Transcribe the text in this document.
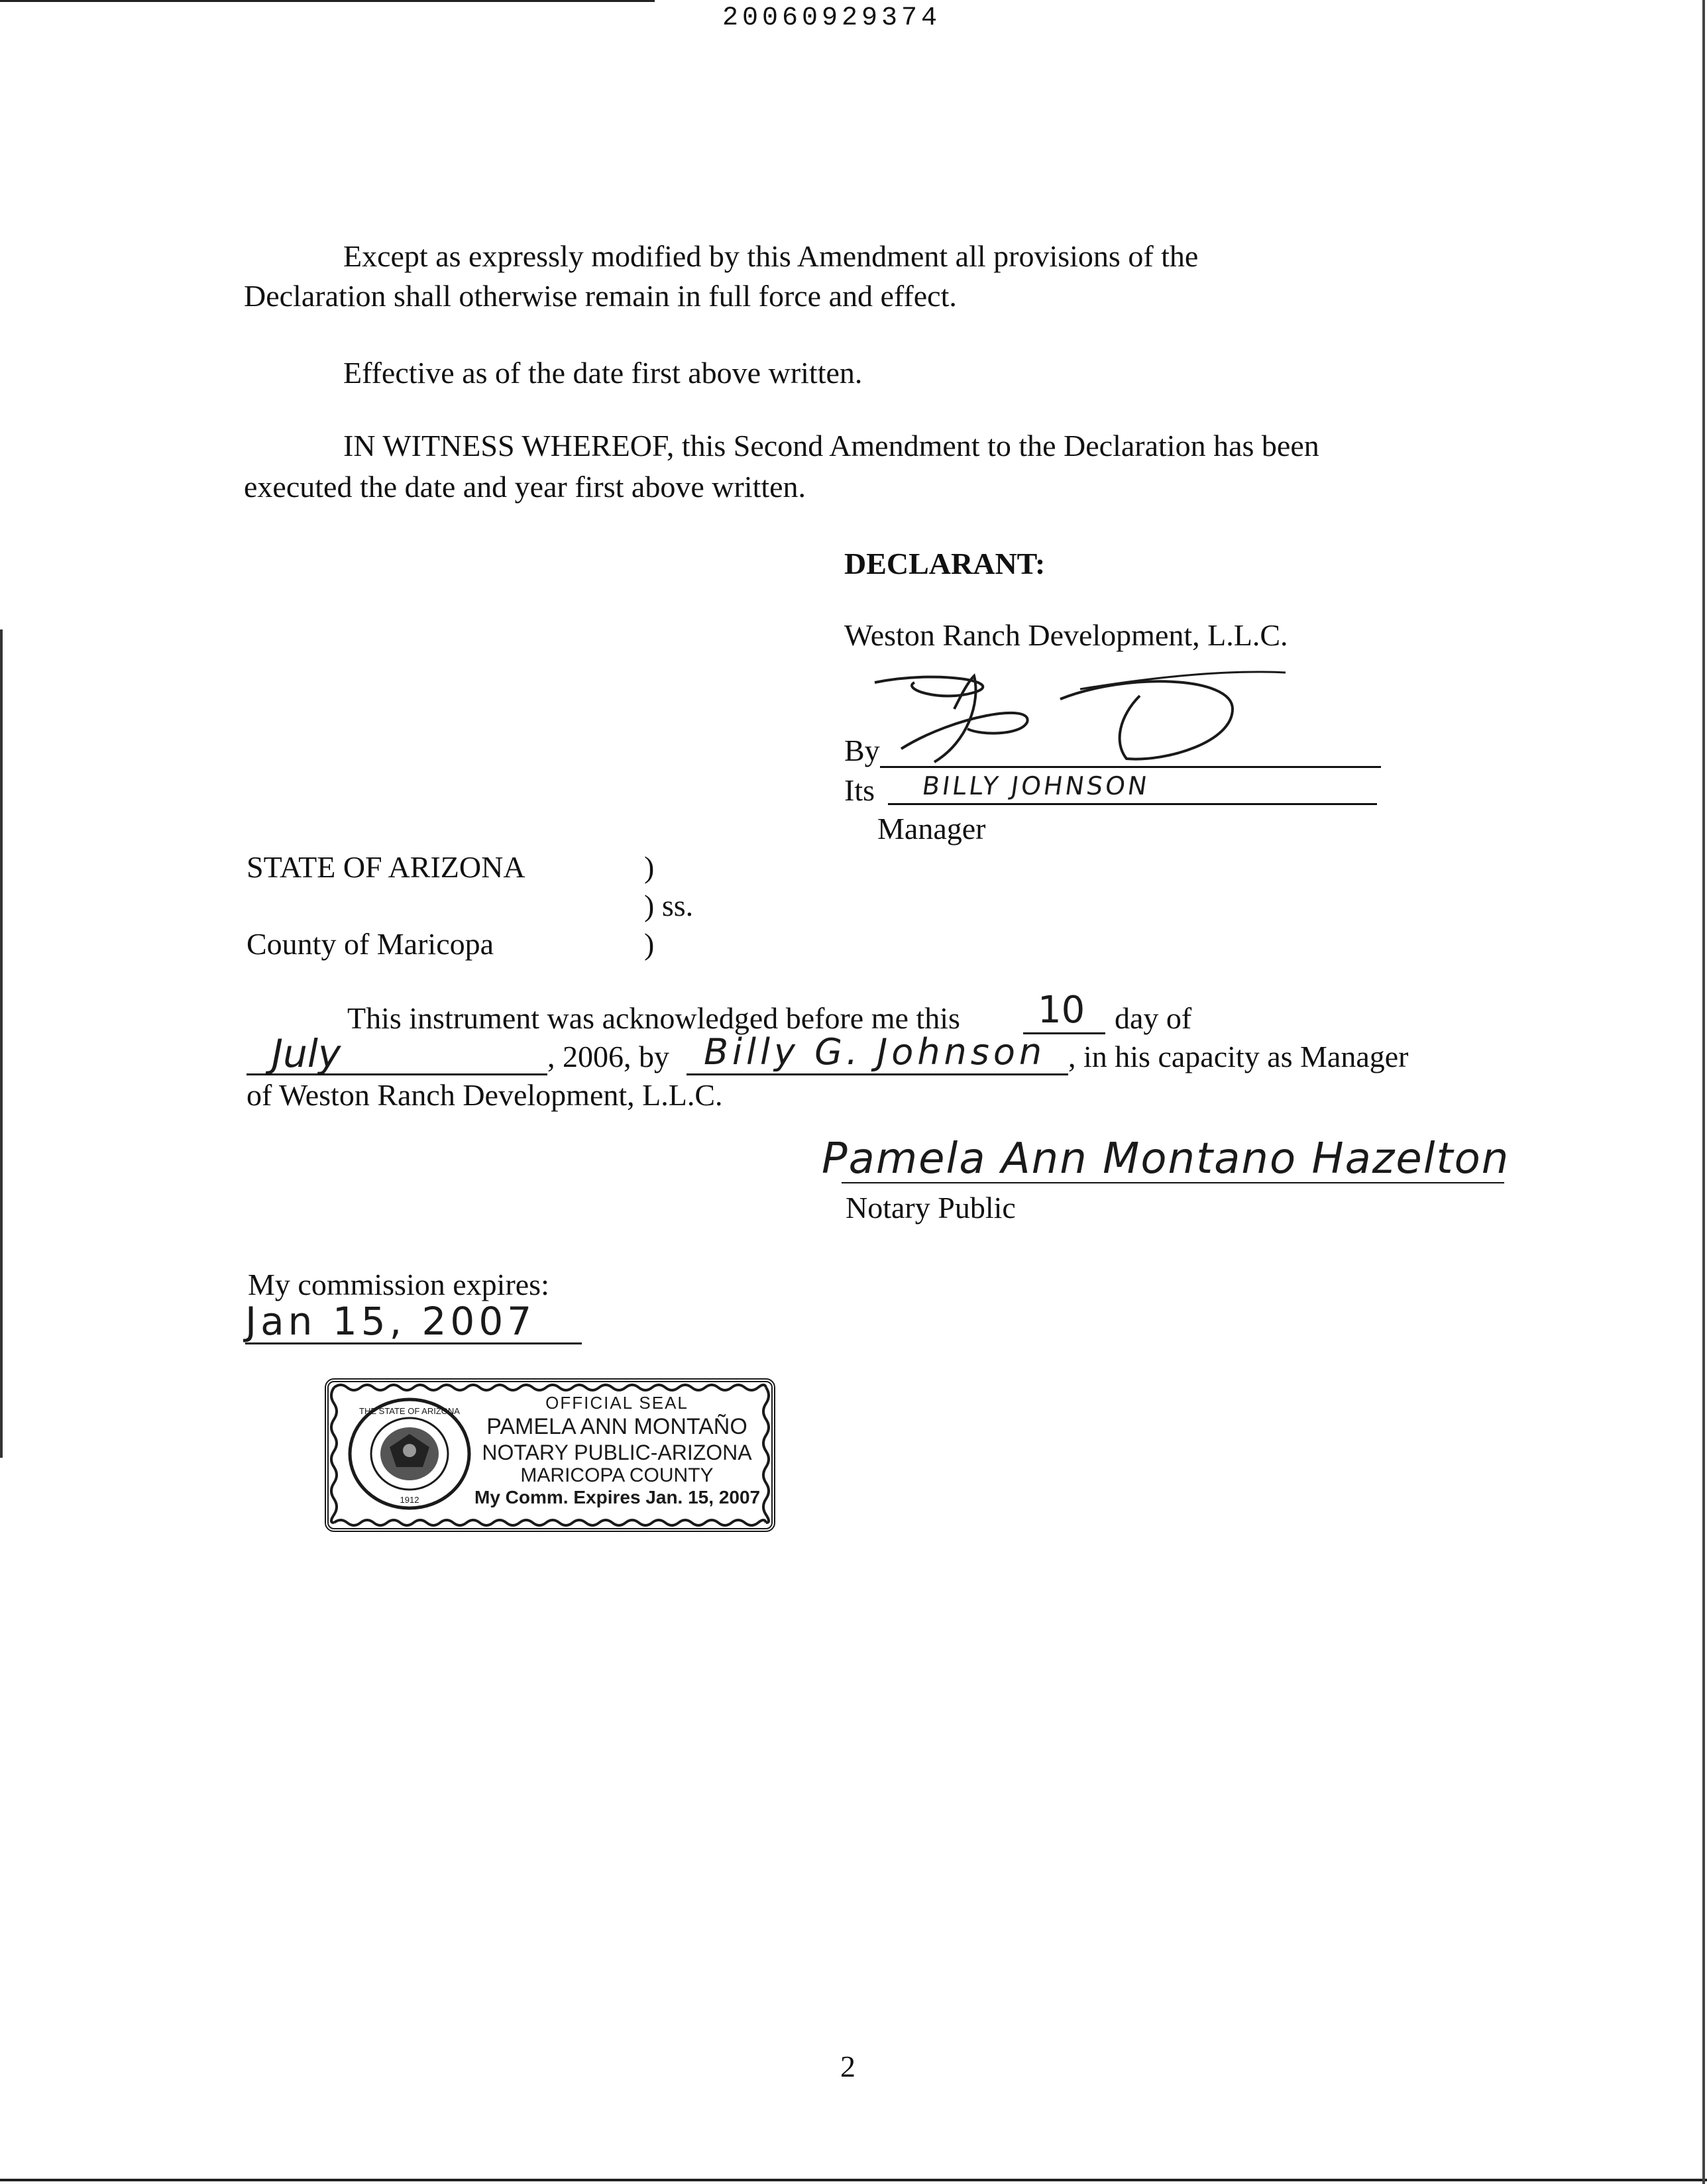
20060929374
Except as expressly modified by this Amendment all provisions of the
Declaration shall otherwise remain in full force and effect.
Effective as of the date first above written.
IN WITNESS WHEREOF, this Second Amendment to the Declaration has been
executed the date and year first above written.
DECLARANT:
Weston Ranch Development, L.L.C.
By
Its BILLY JOHNSON
Manager
STATE OF ARIZONA	)
) ss.
County of Maricopa	)
This instrument was acknowledged before me this 10 day of
July	, 2006, by Billy G. Johnson , in his capacity as Manager
of Weston Ranch Development, L.L.C.
Pamela Ann Montano Hazelton
Notary Public
My commission expires:
Jan 15, 2007
THE STATE OF ARIZONA
1912
OFFICIAL SEAL
PAMELA ANN MONTAÑO
NOTARY PUBLIC-ARIZONA
MARICOPA COUNTY
My Comm. Expires Jan. 15, 2007
2
